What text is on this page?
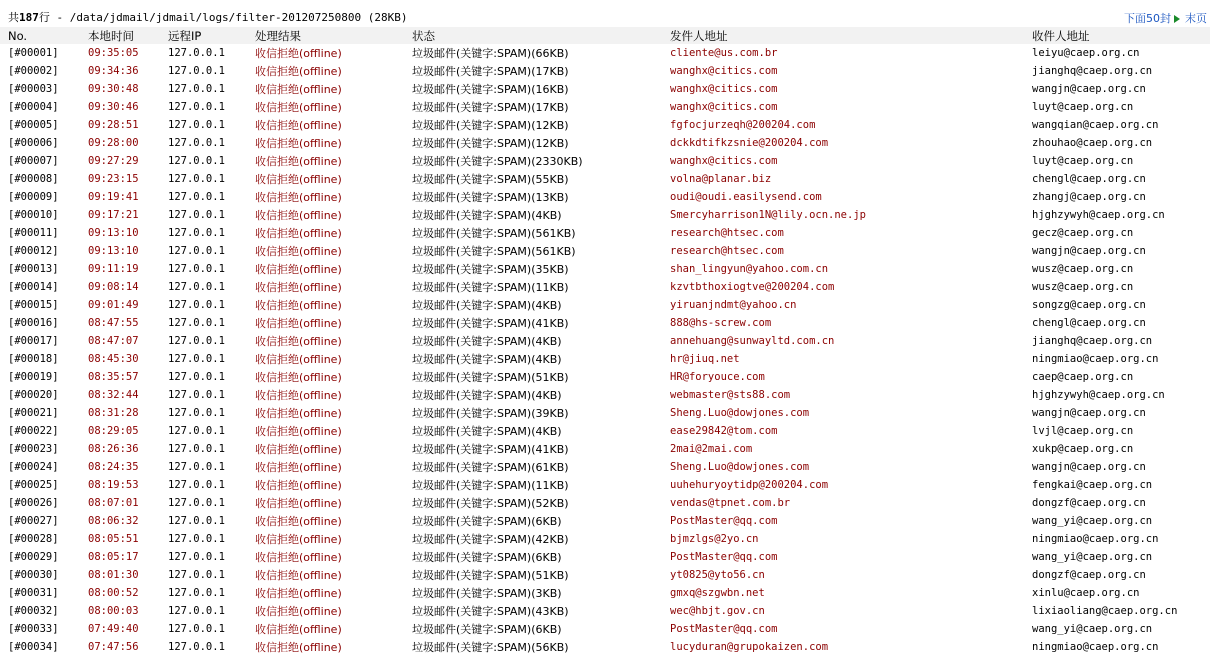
共187行 - /data/jdmail/jdmail/logs/filter-201207250800 (28KB)	下面50封	末页
No.	本地时间	远程IP	处理结果	状态	发件人地址	收件人地址
[#00001]	09:35:05	127.0.0.1	收信拒绝(offline)	垃圾邮件(关键字:SPAM)(66KB)	cliente@us.com.br	leiyu@caep.org.cn
[#00002]	09:34:36	127.0.0.1	收信拒绝(offline)	垃圾邮件(关键字:SPAM)(17KB)	wanghx@citics.com	jianghq@caep.org.cn
[#00003]	09:30:48	127.0.0.1	收信拒绝(offline)	垃圾邮件(关键字:SPAM)(16KB)	wanghx@citics.com	wangjn@caep.org.cn
[#00004]	09:30:46	127.0.0.1	收信拒绝(offline)	垃圾邮件(关键字:SPAM)(17KB)	wanghx@citics.com	luyt@caep.org.cn
[#00005]	09:28:51	127.0.0.1	收信拒绝(offline)	垃圾邮件(关键字:SPAM)(12KB)	fgfocjurzeqh@200204.com	wangqian@caep.org.cn
[#00006]	09:28:00	127.0.0.1	收信拒绝(offline)	垃圾邮件(关键字:SPAM)(12KB)	dckkdtifkzsnie@200204.com	zhouhao@caep.org.cn
[#00007]	09:27:29	127.0.0.1	收信拒绝(offline)	垃圾邮件(关键字:SPAM)(2330KB)	wanghx@citics.com	luyt@caep.org.cn
[#00008]	09:23:15	127.0.0.1	收信拒绝(offline)	垃圾邮件(关键字:SPAM)(55KB)	volna@planar.biz	chengl@caep.org.cn
[#00009]	09:19:41	127.0.0.1	收信拒绝(offline)	垃圾邮件(关键字:SPAM)(13KB)	oudi@oudi.easilysend.com	zhangj@caep.org.cn
[#00010]	09:17:21	127.0.0.1	收信拒绝(offline)	垃圾邮件(关键字:SPAM)(4KB)	Smercyharrison1N@lily.ocn.ne.jp	hjghzywyh@caep.org.cn
[#00011]	09:13:10	127.0.0.1	收信拒绝(offline)	垃圾邮件(关键字:SPAM)(561KB)	research@htsec.com	gecz@caep.org.cn
[#00012]	09:13:10	127.0.0.1	收信拒绝(offline)	垃圾邮件(关键字:SPAM)(561KB)	research@htsec.com	wangjn@caep.org.cn
[#00013]	09:11:19	127.0.0.1	收信拒绝(offline)	垃圾邮件(关键字:SPAM)(35KB)	shan_lingyun@yahoo.com.cn	wusz@caep.org.cn
[#00014]	09:08:14	127.0.0.1	收信拒绝(offline)	垃圾邮件(关键字:SPAM)(11KB)	kzvtbthoxiogtve@200204.com	wusz@caep.org.cn
[#00015]	09:01:49	127.0.0.1	收信拒绝(offline)	垃圾邮件(关键字:SPAM)(4KB)	yiruanjndmt@yahoo.cn	songzg@caep.org.cn
[#00016]	08:47:55	127.0.0.1	收信拒绝(offline)	垃圾邮件(关键字:SPAM)(41KB)	888@hs-screw.com	chengl@caep.org.cn
[#00017]	08:47:07	127.0.0.1	收信拒绝(offline)	垃圾邮件(关键字:SPAM)(4KB)	annehuang@sunwayltd.com.cn	jianghq@caep.org.cn
[#00018]	08:45:30	127.0.0.1	收信拒绝(offline)	垃圾邮件(关键字:SPAM)(4KB)	hr@jiuq.net	ningmiao@caep.org.cn
[#00019]	08:35:57	127.0.0.1	收信拒绝(offline)	垃圾邮件(关键字:SPAM)(51KB)	HR@foryouce.com	caep@caep.org.cn
[#00020]	08:32:44	127.0.0.1	收信拒绝(offline)	垃圾邮件(关键字:SPAM)(4KB)	webmaster@sts88.com	hjghzywyh@caep.org.cn
[#00021]	08:31:28	127.0.0.1	收信拒绝(offline)	垃圾邮件(关键字:SPAM)(39KB)	Sheng.Luo@dowjones.com	wangjn@caep.org.cn
[#00022]	08:29:05	127.0.0.1	收信拒绝(offline)	垃圾邮件(关键字:SPAM)(4KB)	ease29842@tom.com	lvjl@caep.org.cn
[#00023]	08:26:36	127.0.0.1	收信拒绝(offline)	垃圾邮件(关键字:SPAM)(41KB)	2mai@2mai.com	xukp@caep.org.cn
[#00024]	08:24:35	127.0.0.1	收信拒绝(offline)	垃圾邮件(关键字:SPAM)(61KB)	Sheng.Luo@dowjones.com	wangjn@caep.org.cn
[#00025]	08:19:53	127.0.0.1	收信拒绝(offline)	垃圾邮件(关键字:SPAM)(11KB)	uuhehuryoytidp@200204.com	fengkai@caep.org.cn
[#00026]	08:07:01	127.0.0.1	收信拒绝(offline)	垃圾邮件(关键字:SPAM)(52KB)	vendas@tpnet.com.br	dongzf@caep.org.cn
[#00027]	08:06:32	127.0.0.1	收信拒绝(offline)	垃圾邮件(关键字:SPAM)(6KB)	PostMaster@qq.com	wang_yi@caep.org.cn
[#00028]	08:05:51	127.0.0.1	收信拒绝(offline)	垃圾邮件(关键字:SPAM)(42KB)	bjmzlgs@2yo.cn	ningmiao@caep.org.cn
[#00029]	08:05:17	127.0.0.1	收信拒绝(offline)	垃圾邮件(关键字:SPAM)(6KB)	PostMaster@qq.com	wang_yi@caep.org.cn
[#00030]	08:01:30	127.0.0.1	收信拒绝(offline)	垃圾邮件(关键字:SPAM)(51KB)	yt0825@yto56.cn	dongzf@caep.org.cn
[#00031]	08:00:52	127.0.0.1	收信拒绝(offline)	垃圾邮件(关键字:SPAM)(3KB)	gmxq@szgwbn.net	xinlu@caep.org.cn
[#00032]	08:00:03	127.0.0.1	收信拒绝(offline)	垃圾邮件(关键字:SPAM)(43KB)	wec@hbjt.gov.cn	lixiaoliang@caep.org.cn
[#00033]	07:49:40	127.0.0.1	收信拒绝(offline)	垃圾邮件(关键字:SPAM)(6KB)	PostMaster@qq.com	wang_yi@caep.org.cn
[#00034]	07:47:56	127.0.0.1	收信拒绝(offline)	垃圾邮件(关键字:SPAM)(56KB)	lucyduran@grupokaizen.com	ningmiao@caep.org.cn
